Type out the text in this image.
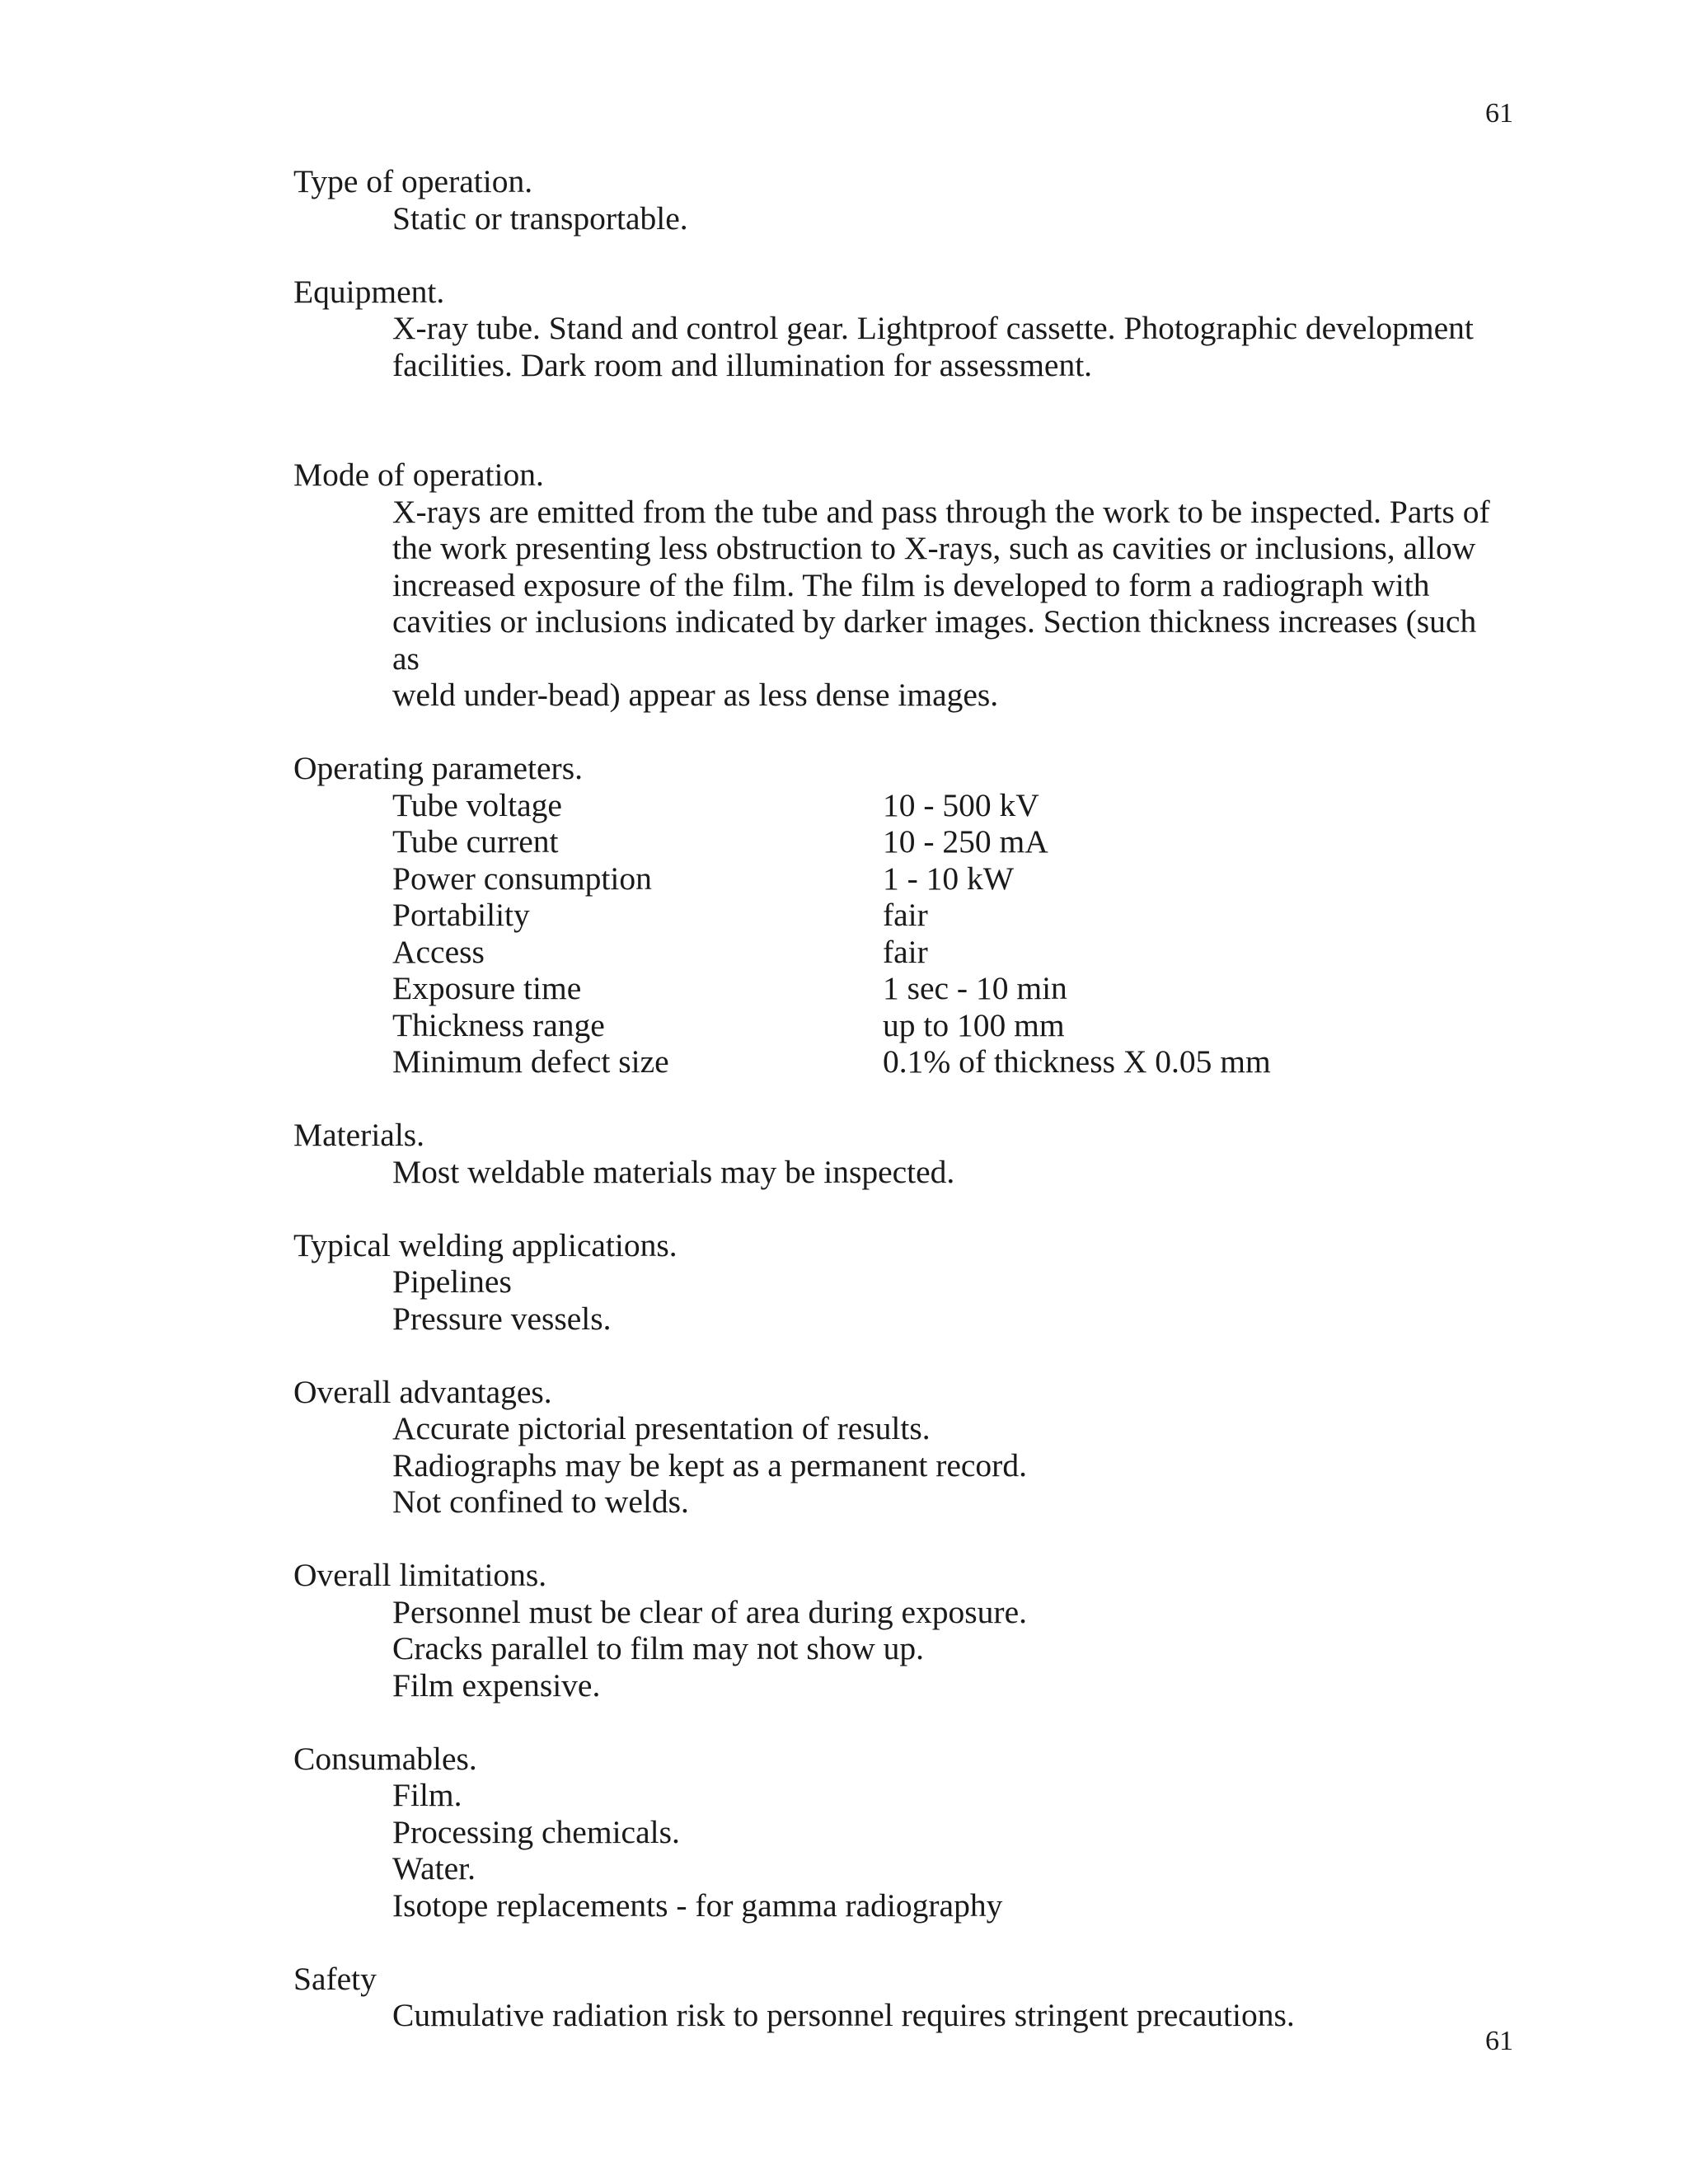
61

Type of operation.

Static or transportable.

Equipment.

X-ray tube. Stand and control gear. Lightproof cassette. Photographic development

facilities. Dark room and illumination for assessment.

Mode of operation.

X-rays are emitted from the tube and pass through the work to be inspected. Parts of

the work presenting less obstruction to X-rays, such as cavities or inclusions, allow

increased exposure of the film. The film is developed to form a radiograph with

cavities or inclusions indicated by darker images. Section thickness increases (such as

weld under-bead) appear as less dense images.

Operating parameters.

Tube voltage	10 - 500 kV
Tube current	10 - 250 mA
Power consumption	1 - 10 kW
Portability	fair
Access	fair
Exposure time	1 sec - 10 min
Thickness range	up to 100 mm
Minimum defect size	0.1% of thickness X 0.05 mm

Materials.

Most weldable materials may be inspected.

Typical welding applications.

Pipelines

Pressure vessels.

Overall advantages.

Accurate pictorial presentation of results.

Radiographs may be kept as a permanent record.

Not confined to welds.

Overall limitations.

Personnel must be clear of area during exposure.

Cracks parallel to film may not show up.

Film expensive.

Consumables.

Film.

Processing chemicals.

Water.

Isotope replacements - for gamma radiography

Safety

Cumulative radiation risk to personnel requires stringent precautions.

61
